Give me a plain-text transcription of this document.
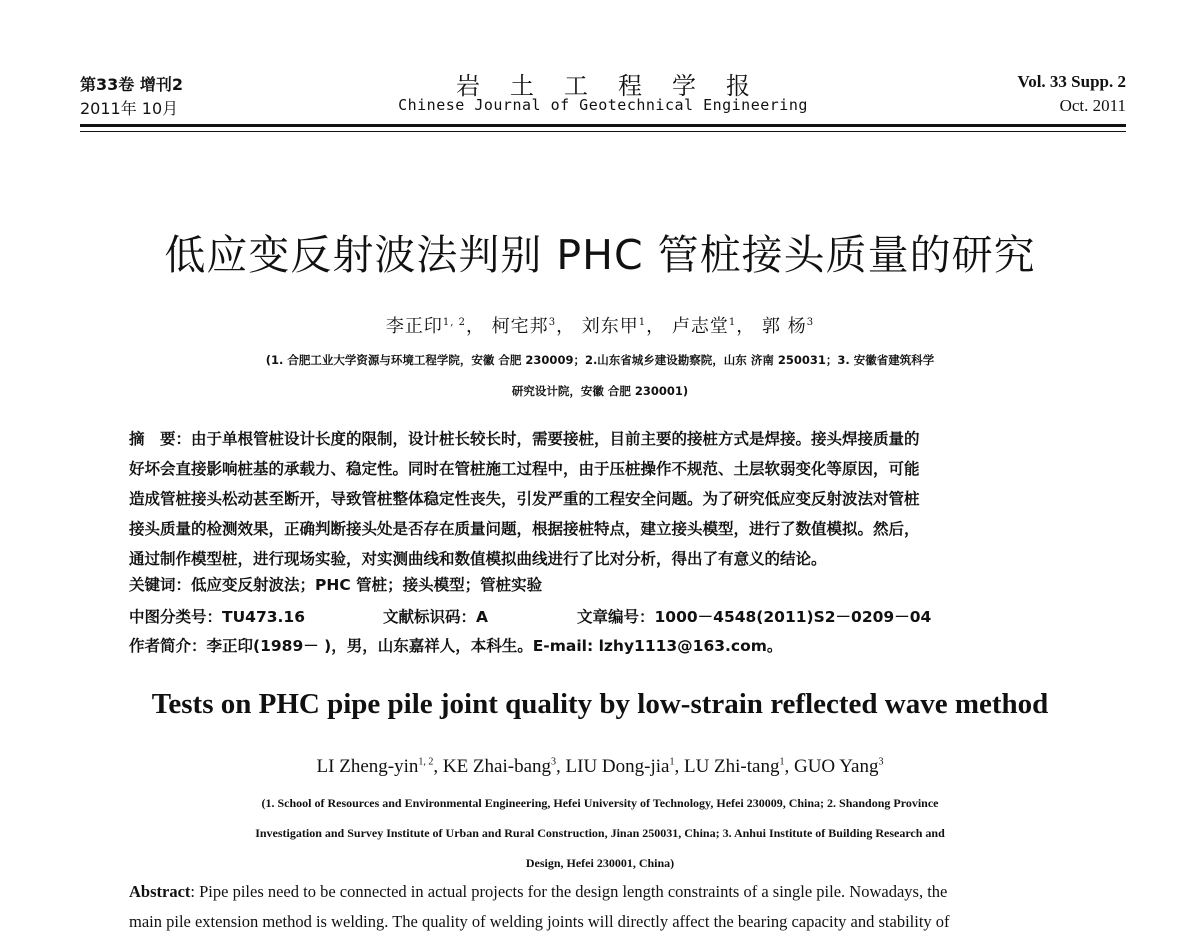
第33卷 增刊2	岩土工程学报	Vol. 33 Supp. 2
2011年 10月	Chinese Journal of Geotechnical Engineering	Oct. 2011
低应变反射波法判别 PHC 管桩接头质量的研究
李正印$^{1, 2}$， 柯宅邦$^3$， 刘东甲$^1$， 卢志堂$^1$， 郭 杨$^3$
(1. 合肥工业大学资源与环境工程学院，安徽 合肥 230009；2.山东省城乡建设勘察院，山东 济南 250031；3. 安徽省建筑科学
研究设计院，安徽 合肥 230001)
摘　要：由于单根管桩设计长度的限制，设计桩长较长时，需要接桩，目前主要的接桩方式是焊接。接头焊接质量的
好坏会直接影响桩基的承载力、稳定性。同时在管桩施工过程中，由于压桩操作不规范、土层软弱变化等原因，可能
造成管桩接头松动甚至断开，导致管桩整体稳定性丧失，引发严重的工程安全问题。为了研究低应变反射波法对管桩
接头质量的检测效果，正确判断接头处是否存在质量问题，根据接桩特点，建立接头模型，进行了数值模拟。然后，
通过制作模型桩，进行现场实验，对实测曲线和数值模拟曲线进行了比对分析，得出了有意义的结论。
关键词：低应变反射波法；PHC 管桩；接头模型；管桩实验
中图分类号：TU473.16	文献标识码：A	文章编号：1000－4548(2011)S2－0209－04
作者简介：李正印(1989－ )，男，山东嘉祥人，本科生。E-mail: lzhy1113@163.com。
Tests on PHC pipe pile joint quality by low-strain reflected wave method
LI Zheng-yin$^{1, 2}$, KE Zhai-bang$^3$, LIU Dong-jia$^1$, LU Zhi-tang$^1$, GUO Yang$^3$
(1. School of Resources and Environmental Engineering, Hefei University of Technology, Hefei 230009, China; 2. Shandong Province
Investigation and Survey Institute of Urban and Rural Construction, Jinan 250031, China; 3. Anhui Institute of Building Research and
Design, Hefei 230001, China)
Abstract: Pipe piles need to be connected in actual projects for the design length constraints of a single pile. Nowadays, the
main pile extension method is welding. The quality of welding joints will directly affect the bearing capacity and stability of
